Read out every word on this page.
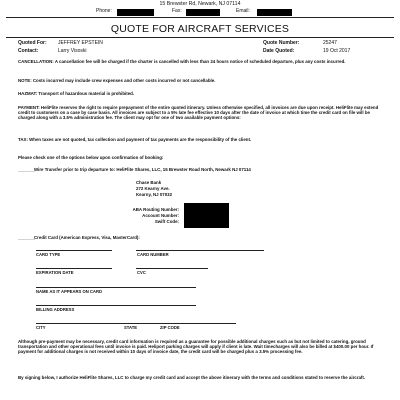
15 Brewster Rd, Newark, NJ 07114
Phone:	Fax:	Email:
QUOTE FOR AIRCRAFT SERVICES
Quoted For: JEFFREY EPSTEIN
Contact:	Larry Visoski
Quote Number:	25247
Date Quoted:	19 Oct 2017
CANCELLATION: A cancellation fee will be charged if the charter is cancelled with less than 24 hours notice of scheduled departure, plus any costs incurred.
NOTE: Costs incurred may include crew expenses and other costs incurred or not cancellable.
HAZMAT: Transport of hazardous material is prohibited.
PAYMENT: HeliFlite reserves the right to require prepayment of the entire quoted itinerary. Unless otherwise specified, all invoices are due upon receipt. HeliFlite may extend credit to customers on a case by case basis. All invoices are subject to a 5% late fee effective 10 days after the date of invoice at which time the credit card on file will be charged along with a 3.5% administration fee. The client may opt for one of two available payment options:
TAX: When taxes are not quoted, tax collection and payment of tax payments are the responsibility of the client.
Please check one of the options below upon confirmation of booking:
_______
Wire Transfer prior to trip departure to: HeliFlite Shares, LLC, 15 Brewster Road North, Newark NJ 07114
Chase Bank
272 Kearny Ave.
Kearny, NJ 07032
ABA Routing Number:
Account Number:
Swift Code:
_______
Credit Card (American Express, Visa, MasterCard):
CARD TYPE	CARD NUMBER
EXPIRATION DATE	CVC
NAME AS IT APPEARS ON CARD
BILLING ADDRESS
CITY	STATE	ZIP CODE
Although pre-payment may be necessary, credit card information is required as a guarantee for possible additional charges such as but not limited to catering, ground transportation and other operational fees until invoice is paid. Heliport parking charges will apply if client is late. Wait timecharges will also be billed at $400.00 per hour. If payment for additional charges is not received within 10 days of invoice date, the credit card will be charged plus a 3.5% processing fee.
By signing below, I authorize HeliFlite Shares, LLC to charge my credit card and accept the above itinerary with the terms and conditions stated to reserve the aircraft.
